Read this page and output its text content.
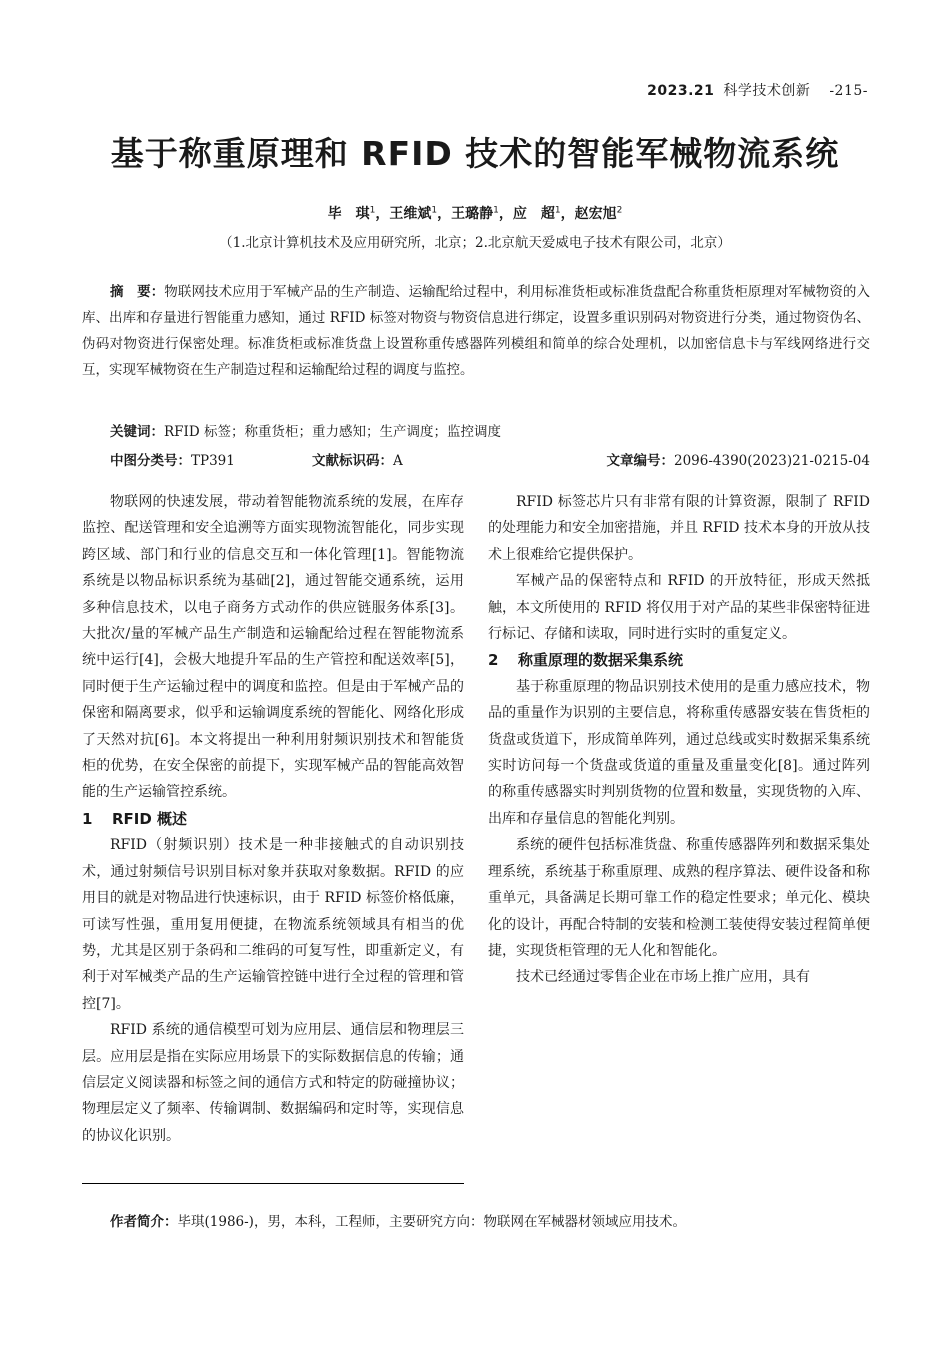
2023.21 科学技术创新 -215-
基于称重原理和 RFID 技术的智能军械物流系统
毕　琪$^1$，王维斌$^1$，王璐静$^1$，应　超$^1$，赵宏旭$^2$
（1.北京计算机技术及应用研究所，北京；2.北京航天爱威电子技术有限公司，北京）
摘　要：物联网技术应用于军械产品的生产制造、运输配给过程中，利用标准货柜或标准货盘配合称重货柜原理对军械物资的入库、出库和存量进行智能重力感知，通过 RFID 标签对物资与物资信息进行绑定，设置多重识别码对物资进行分类，通过物资伪名、伪码对物资进行保密处理。标准货柜或标准货盘上设置称重传感器阵列模组和简单的综合处理机，以加密信息卡与军线网络进行交互，实现军械物资在生产制造过程和运输配给过程的调度与监控。
关键词：RFID 标签；称重货柜；重力感知；生产调度；监控调度
中图分类号：TP391	文献标识码：A	文章编号：2096-4390(2023)21-0215-04

物联网的快速发展，带动着智能物流系统的发展，在库存监控、配送管理和安全追溯等方面实现物流智能化，同步实现跨区域、部门和行业的信息交互和一体化管理[1]。智能物流系统是以物品标识系统为基础[2]，通过智能交通系统，运用多种信息技术，以电子商务方式动作的供应链服务体系[3]。大批次/量的军械产品生产制造和运输配给过程在智能物流系统中运行[4]，会极大地提升军品的生产管控和配送效率[5]，同时便于生产运输过程中的调度和监控。但是由于军械产品的保密和隔离要求，似乎和运输调度系统的智能化、网络化形成了天然对抗[6]。本文将提出一种利用射频识别技术和智能货柜的优势，在安全保密的前提下，实现军械产品的智能高效智能的生产运输管控系统。

1 RFID 概述

RFID（射频识别）技术是一种非接触式的自动识别技术，通过射频信号识别目标对象并获取对象数据。RFID 的应用目的就是对物品进行快速标识，由于 RFID 标签价格低廉，可读写性强，重用复用便捷，在物流系统领域具有相当的优势，尤其是区别于条码和二维码的可复写性，即重新定义，有利于对军械类产品的生产运输管控链中进行全过程的管理和管控[7]。

RFID 系统的通信模型可划为应用层、通信层和物理层三层。应用层是指在实际应用场景下的实际数据信息的传输；通信层定义阅读器和标签之间的通信方式和特定的防碰撞协议；物理层定义了频率、传输调制、数据编码和定时等，实现信息的协议化识别。

RFID 标签芯片只有非常有限的计算资源，限制了 RFID 的处理能力和安全加密措施，并且 RFID 技术本身的开放从技术上很难给它提供保护。

军械产品的保密特点和 RFID 的开放特征，形成天然抵触，本文所使用的 RFID 将仅用于对产品的某些非保密特征进行标记、存储和读取，同时进行实时的重复定义。

2 称重原理的数据采集系统

基于称重原理的物品识别技术使用的是重力感应技术，物品的重量作为识别的主要信息，将称重传感器安装在售货柜的货盘或货道下，形成简单阵列，通过总线或实时数据采集系统实时访问每一个货盘或货道的重量及重量变化[8]。通过阵列的称重传感器实时判别货物的位置和数量，实现货物的入库、出库和存量信息的智能化判别。

系统的硬件包括标准货盘、称重传感器阵列和数据采集处理系统，系统基于称重原理、成熟的程序算法、硬件设备和称重单元，具备满足长期可靠工作的稳定性要求；单元化、模块化的设计，再配合特制的安装和检测工装使得安装过程简单便捷，实现货柜管理的无人化和智能化。

技术已经通过零售企业在市场上推广应用，具有

作者简介：毕琪(1986-)，男，本科，工程师，主要研究方向：物联网在军械器材领域应用技术。
